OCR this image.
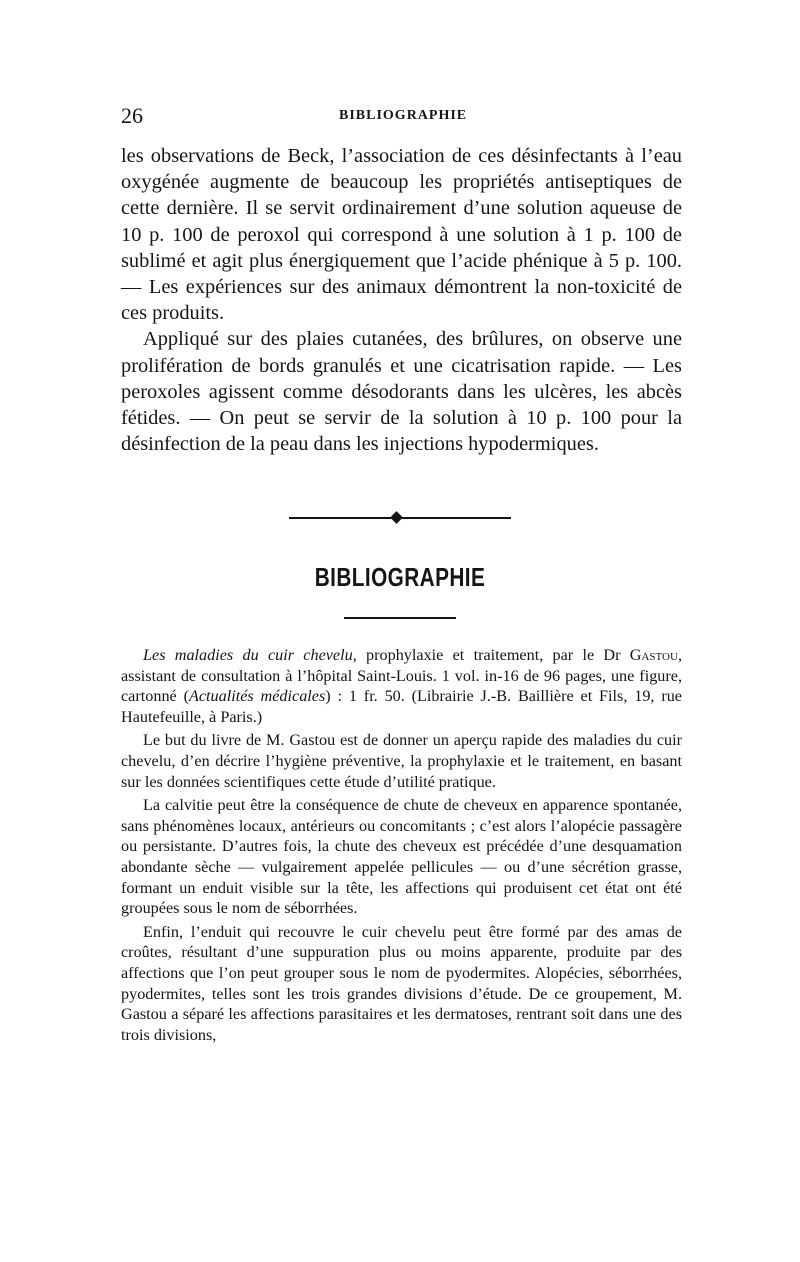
26	BIBLIOGRAPHIE

les observations de Beck, l’association de ces désinfectants à l’eau oxygénée augmente de beaucoup les propriétés antiseptiques de cette dernière. Il se servit ordinairement d’une solution aqueuse de 10 p. 100 de peroxol qui correspond à une solution à 1 p. 100 de sublimé et agit plus énergiquement que l’acide phénique à 5 p. 100. — Les expériences sur des animaux démontrent la non-toxicité de ces produits.

Appliqué sur des plaies cutanées, des brûlures, on observe une prolifération de bords granulés et une cicatrisation rapide. — Les peroxoles agissent comme désodorants dans les ulcères, les abcès fétides. — On peut se servir de la solution à 10 p. 100 pour la désinfection de la peau dans les injections hypodermiques.

BIBLIOGRAPHIE

Les maladies du cuir chevelu, prophylaxie et traitement, par le Dr Gastou, assistant de consultation à l’hôpital Saint-Louis. 1 vol. in-16 de 96 pages, une figure, cartonné (Actualités médicales) : 1 fr. 50. (Librairie J.-B. Baillière et Fils, 19, rue Hautefeuille, à Paris.)

Le but du livre de M. Gastou est de donner un aperçu rapide des maladies du cuir chevelu, d’en décrire l’hygiène préventive, la prophylaxie et le traitement, en basant sur les données scientifiques cette étude d’utilité pratique.

La calvitie peut être la conséquence de chute de cheveux en apparence spontanée, sans phénomènes locaux, antérieurs ou concomitants ; c’est alors l’alopécie passagère ou persistante. D’autres fois, la chute des cheveux est précédée d’une desquamation abondante sèche — vulgairement appelée pellicules — ou d’une sécrétion grasse, formant un enduit visible sur la tête, les affections qui produisent cet état ont été groupées sous le nom de séborrhées.

Enfin, l’enduit qui recouvre le cuir chevelu peut être formé par des amas de croûtes, résultant d’une suppuration plus ou moins apparente, produite par des affections que l’on peut grouper sous le nom de pyodermites. Alopécies, séborrhées, pyodermites, telles sont les trois grandes divisions d’étude. De ce groupement, M. Gastou a séparé les affections parasitaires et les dermatoses, rentrant soit dans une des trois divisions,
